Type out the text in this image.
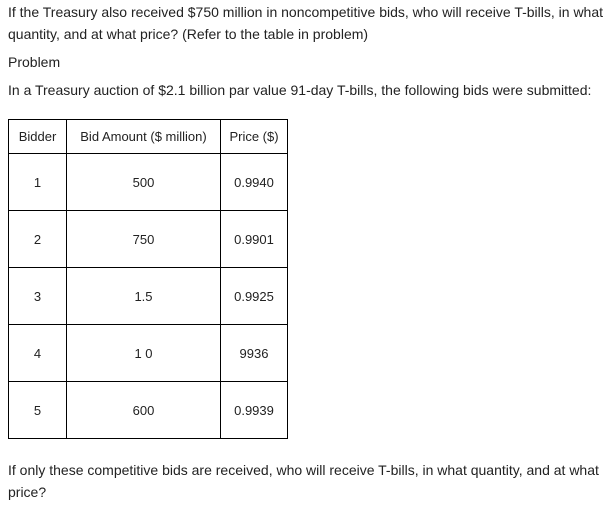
If the Treasury also received $750 million in noncompetitive bids, who will receive T-bills, in what quantity, and at what price? (Refer to the table in problem)
Problem
In a Treasury auction of $2.1 billion par value 91-day T-bills, the following bids were submitted:
Bidder	Bid Amount ($ million)	Price ($)
1	500	0.9940
2	750	0.9901
3	1.5	0.9925
4	1 0	9936
5	600	0.9939
If only these competitive bids are received, who will receive T-bills, in what quantity, and at what price?
